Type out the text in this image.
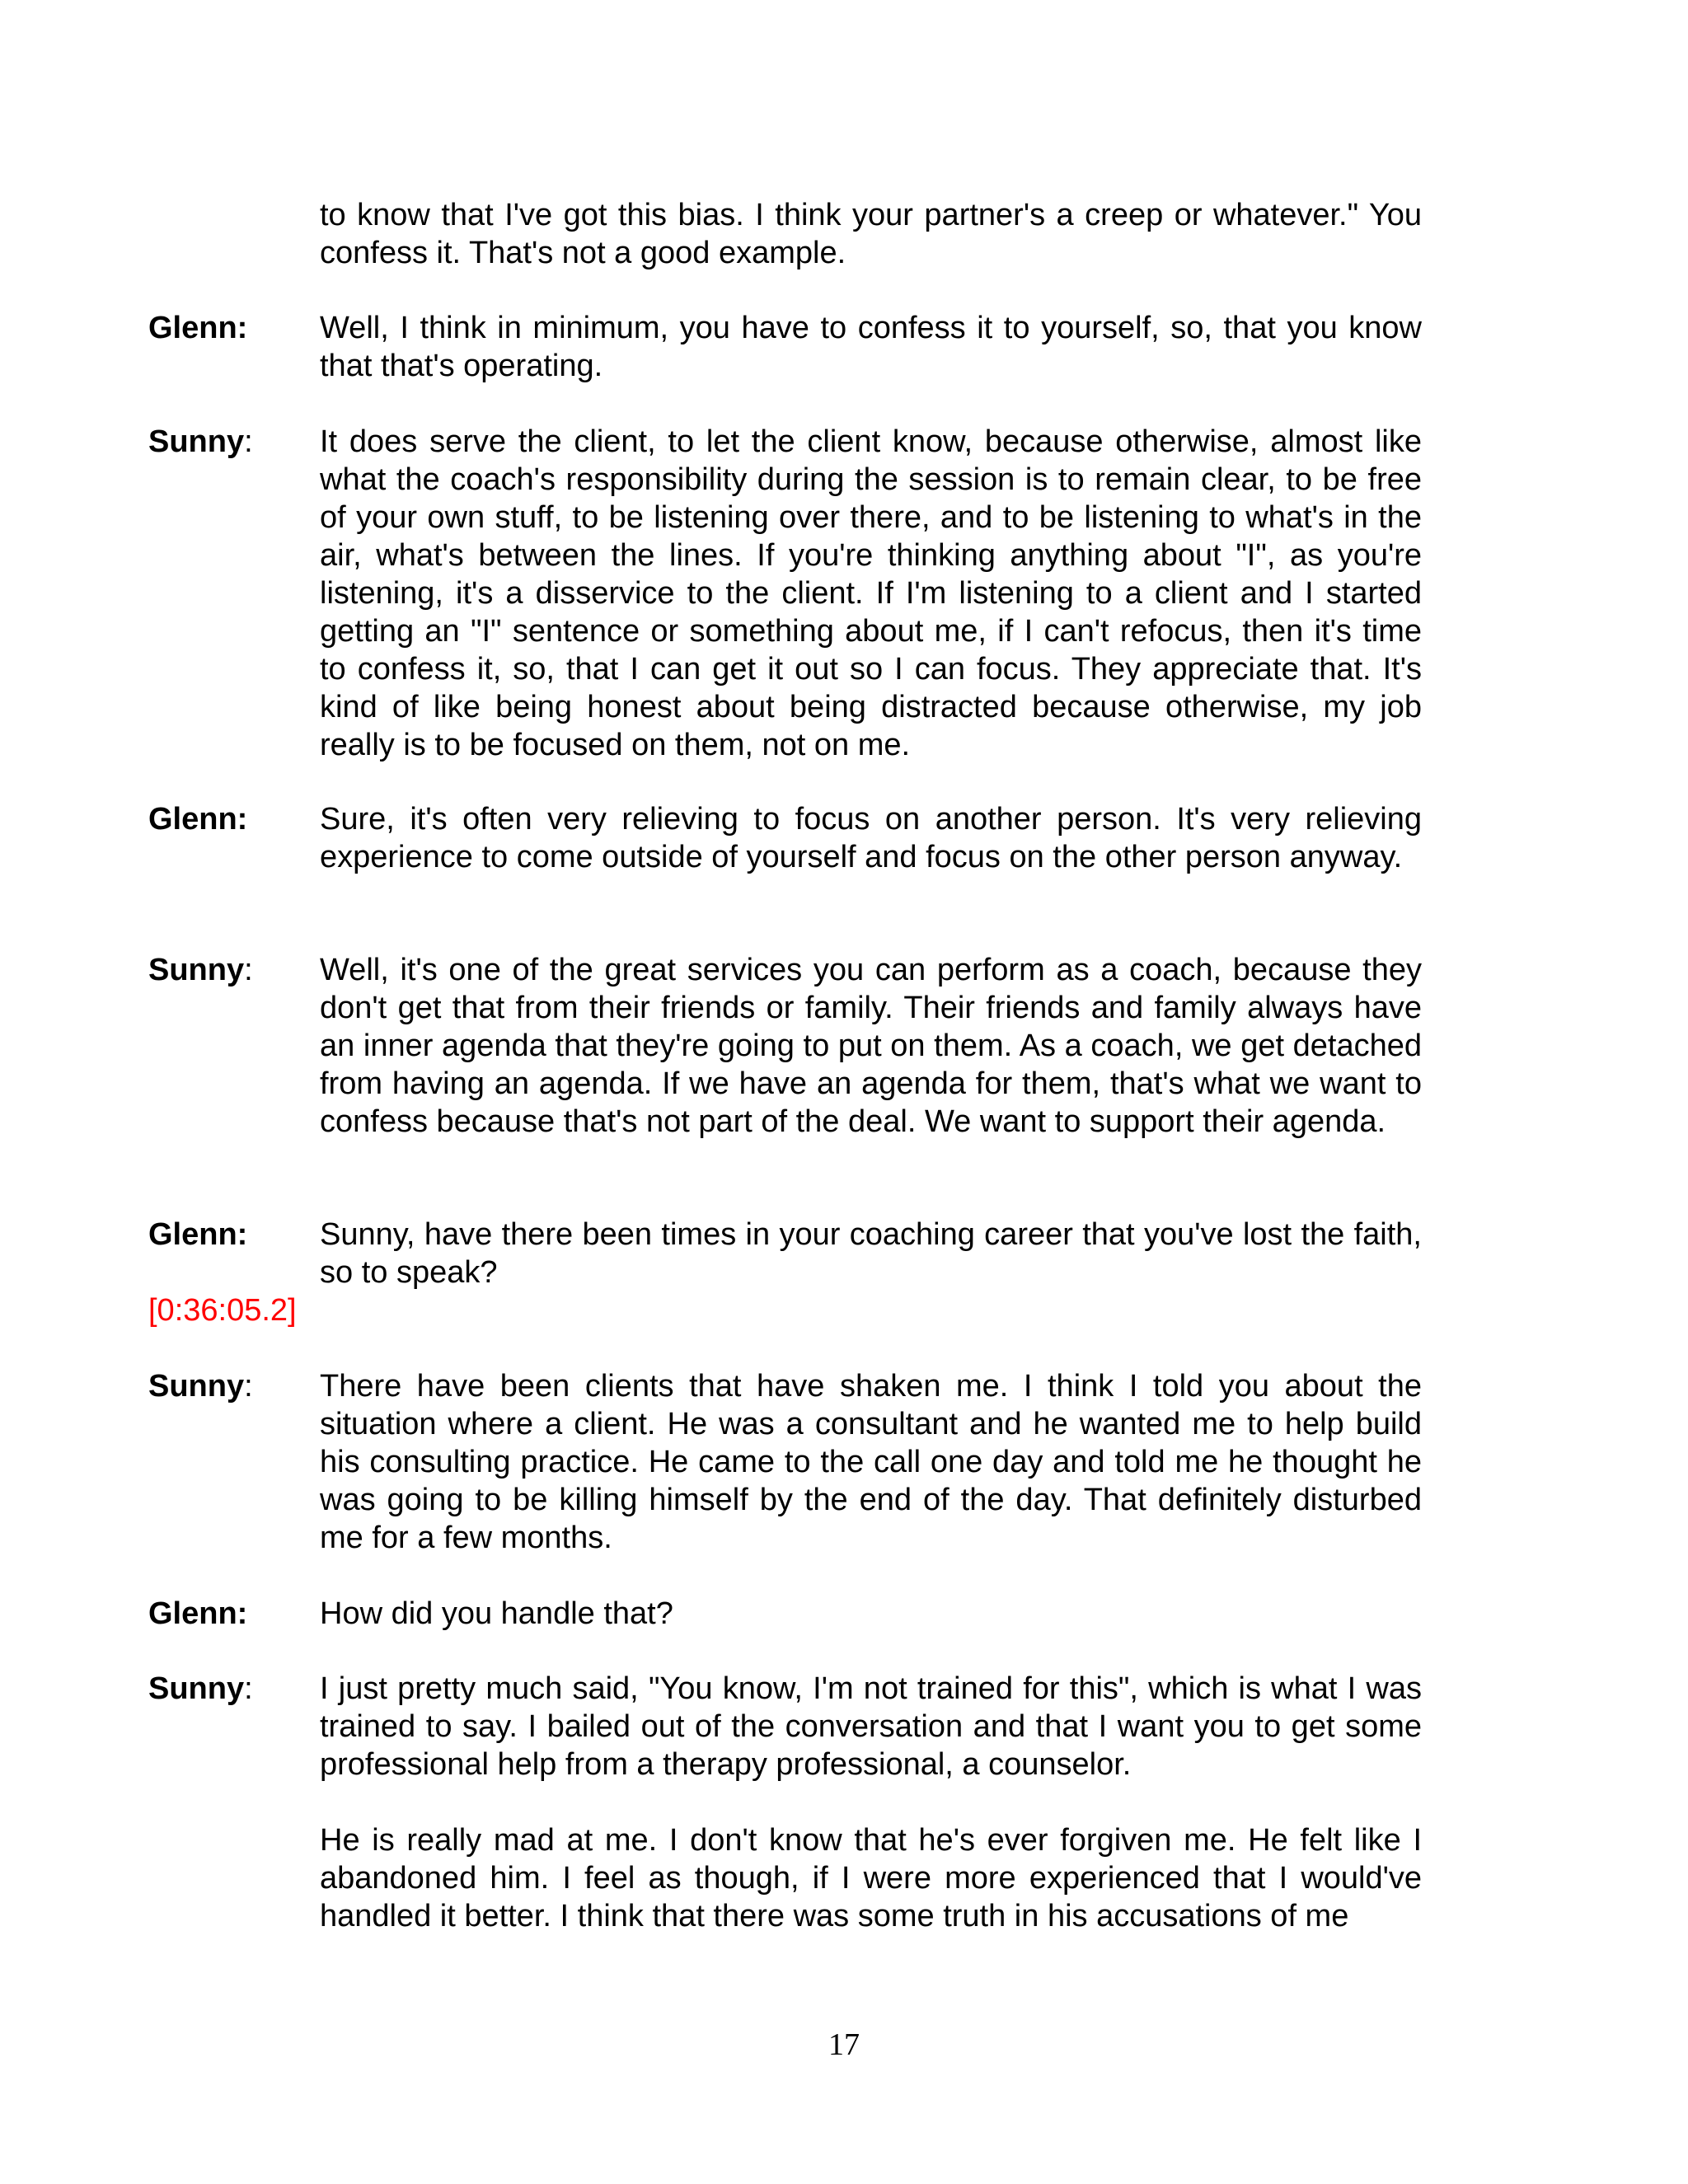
to know that I've got this bias. I think your partner's a creep or whatever." You confess it. That's not a good example.

Glenn: Well, I think in minimum, you have to confess it to yourself, so, that you know that that's operating.

Sunny: It does serve the client, to let the client know, because otherwise, almost like what the coach's responsibility during the session is to remain clear, to be free of your own stuff, to be listening over there, and to be listening to what's in the air, what's between the lines. If you're thinking anything about "I", as you're listening, it's a disservice to the client. If I'm listening to a client and I started getting an "I" sentence or something about me, if I can't refocus, then it's time to confess it, so, that I can get it out so I can focus. They appreciate that. It's kind of like being honest about being distracted because otherwise, my job really is to be focused on them, not on me.

Glenn: Sure, it's often very relieving to focus on another person. It's very relieving experience to come outside of yourself and focus on the other person anyway.

Sunny: Well, it's one of the great services you can perform as a coach, because they don't get that from their friends or family. Their friends and family always have an inner agenda that they're going to put on them. As a coach, we get detached from having an agenda. If we have an agenda for them, that's what we want to confess because that's not part of the deal. We want to support their agenda.

Glenn:
[0:36:05.2]

Sunny, have there been times in your coaching career that you've lost the faith, so to speak?

Sunny: There have been clients that have shaken me. I think I told you about the situation where a client. He was a consultant and he wanted me to help build his consulting practice. He came to the call one day and told me he thought he was going to be killing himself by the end of the day. That definitely disturbed me for a few months.

Glenn: How did you handle that?

Sunny: I just pretty much said, "You know, I'm not trained for this", which is what I was trained to say. I bailed out of the conversation and that I want you to get some professional help from a therapy professional, a counselor.

He is really mad at me. I don't know that he's ever forgiven me. He felt like I abandoned him. I feel as though, if I were more experienced that I would've handled it better. I think that there was some truth in his accusations of me

17
